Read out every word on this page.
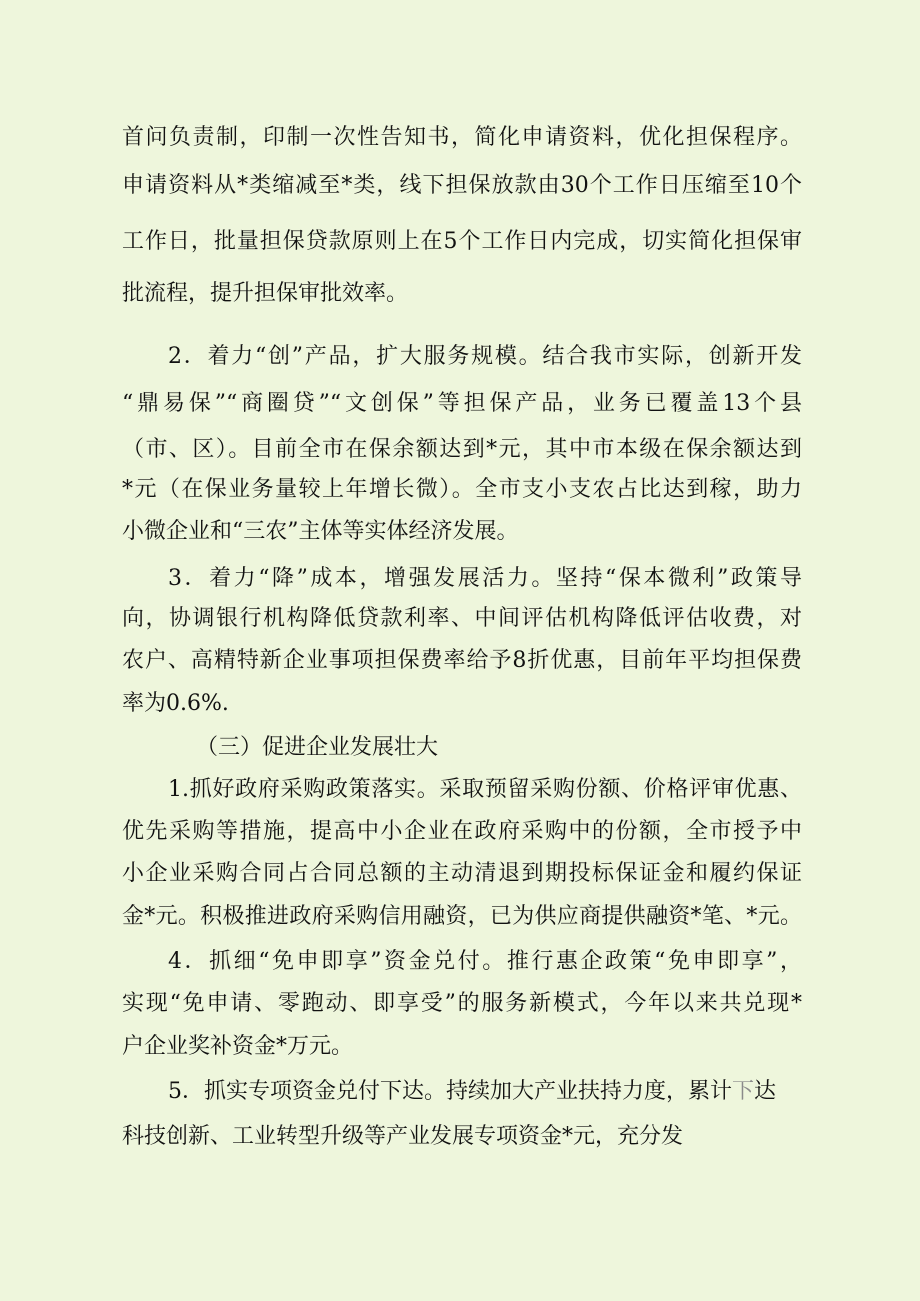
首问负责制，印制一次性告知书，简化申请资料，优化担保程序。
申请资料从*类缩减至*类，线下担保放款由30个工作日压缩至10个
工作日，批量担保贷款原则上在5个工作日内完成，切实简化担保审
批流程，提升担保审批效率。
2．着力“创”产品，扩大服务规模。结合我市实际，创新开发
“鼎易保”“商圈贷”“文创保”等担保产品，业务已覆盖13个县
（市、区）。目前全市在保余额达到*元，其中市本级在保余额达到
*元（在保业务量较上年增长微）。全市支小支农占比达到稼，助力
小微企业和“三农”主体等实体经济发展。
3．着力“降”成本，增强发展活力。坚持“保本微利”政策导
向，协调银行机构降低贷款利率、中间评估机构降低评估收费，对
农户、高精特新企业事项担保费率给予8折优惠，目前年平均担保费
率为0.6%.
（三）促进企业发展壮大
1.抓好政府采购政策落实。采取预留采购份额、价格评审优惠、
优先采购等措施，提高中小企业在政府采购中的份额，全市授予中
小企业采购合同占合同总额的主动清退到期投标保证金和履约保证
金*元。积极推进政府采购信用融资，已为供应商提供融资*笔、*元。
4．抓细“免申即享”资金兑付。推行惠企政策“免申即享”，
实现“免申请、零跑动、即享受”的服务新模式，今年以来共兑现*
户企业奖补资金*万元。
5．抓实专项资金兑付下达。持续加大产业扶持力度，累计下达
科技创新、工业转型升级等产业发展专项资金*元，充分发
